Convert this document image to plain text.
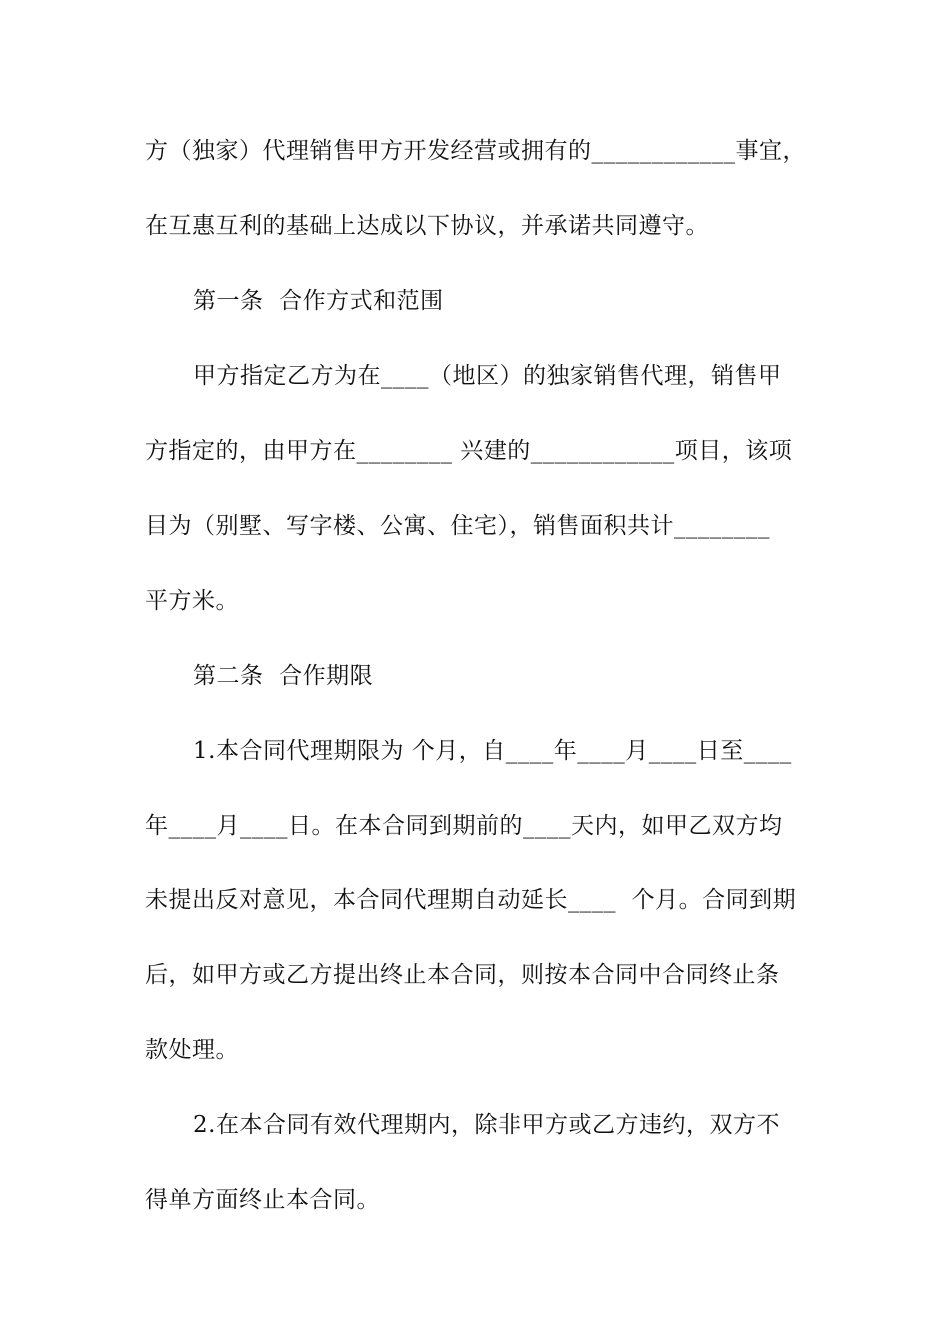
方（独家）代理销售甲方开发经营或拥有的____________事宜，
在互惠互利的基础上达成以下协议，并承诺共同遵守。
第一条  合作方式和范围
甲方指定乙方为在____（地区）的独家销售代理，销售甲
方指定的，由甲方在________ 兴建的____________项目，该项
目为（别墅、写字楼、公寓、住宅），销售面积共计________
平方米。
第二条  合作期限
1.本合同代理期限为 个月，自____年____月____日至____
年____月____日。在本合同到期前的____天内，如甲乙双方均
未提出反对意见，本合同代理期自动延长____  个月。合同到期
后，如甲方或乙方提出终止本合同，则按本合同中合同终止条
款处理。
2.在本合同有效代理期内，除非甲方或乙方违约，双方不
得单方面终止本合同。
